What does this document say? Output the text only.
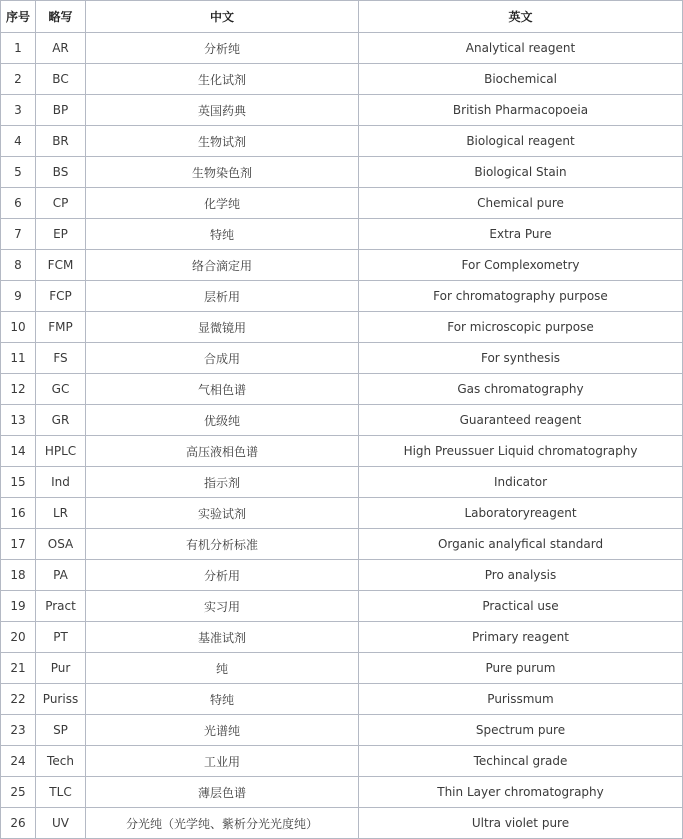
序号	略写	中文	英文
1	AR	分析纯	Analytical reagent
2	BC	生化试剂	Biochemical
3	BP	英国药典	British Pharmacopoeia
4	BR	生物试剂	Biological reagent
5	BS	生物染色剂	Biological Stain
6	CP	化学纯	Chemical pure
7	EP	特纯	Extra Pure
8	FCM	络合滴定用	For Complexometry
9	FCP	层析用	For chromatography purpose
10	FMP	显微镜用	For microscopic purpose
11	FS	合成用	For synthesis
12	GC	气相色谱	Gas chromatography
13	GR	优级纯	Guaranteed reagent
14	HPLC	高压液相色谱	High Preussuer Liquid chromatography
15	Ind	指示剂	Indicator
16	LR	实验试剂	Laboratoryreagent
17	OSA	有机分析标准	Organic analyfical standard
18	PA	分析用	Pro analysis
19	Pract	实习用	Practical use
20	PT	基准试剂	Primary reagent
21	Pur	纯	Pure purum
22	Puriss	特纯	Purissmum
23	SP	光谱纯	Spectrum pure
24	Tech	工业用	Techincal grade
25	TLC	薄层色谱	Thin Layer chromatography
26	UV	分光纯（光学纯、紫析分光光度纯）	Ultra violet pure
